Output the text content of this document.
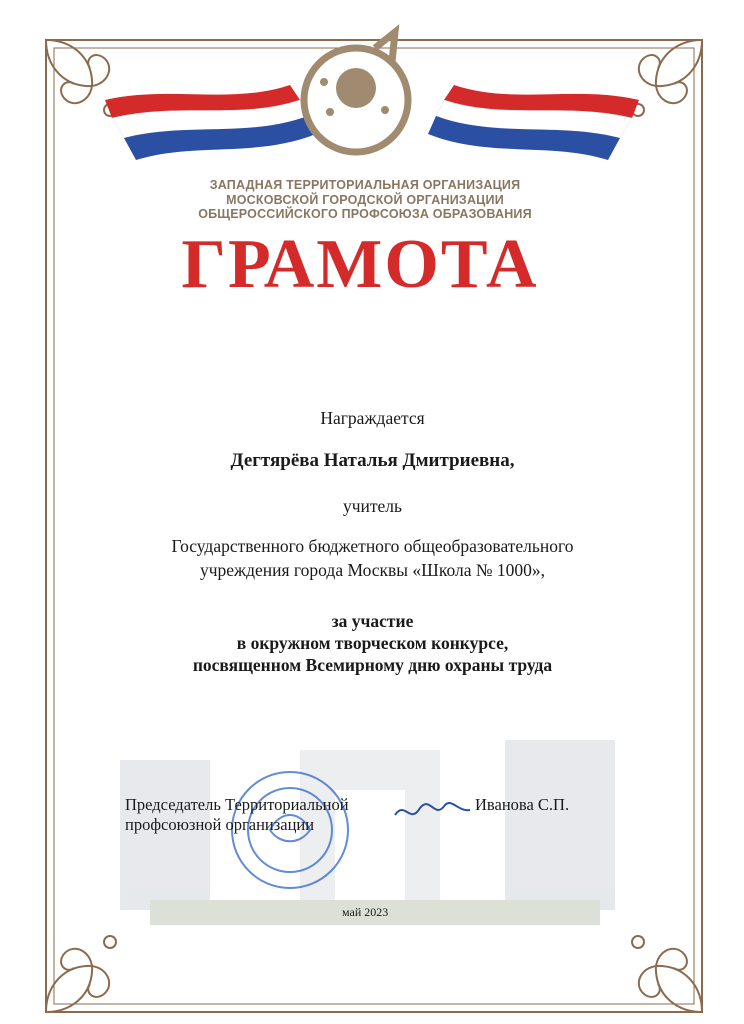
ЗАПАДНАЯ ТЕРРИТОРИАЛЬНАЯ ОРГАНИЗАЦИЯ
МОСКОВСКОЙ ГОРОДСКОЙ ОРГАНИЗАЦИИ
ОБЩЕРОССИЙСКОГО ПРОФСОЮЗА ОБРАЗОВАНИЯ
ГРАМОТА
Награждается
Дегтярёва Наталья Дмитриевна,
учитель
Государственного бюджетного общеобразовательного
учреждения города Москвы «Школа № 1000»,
за участие
в окружном творческом конкурсе,
посвященном Всемирному дню охраны труда
Председатель Территориальной
профсоюзной организации
Иванова С.П.
май 2023
